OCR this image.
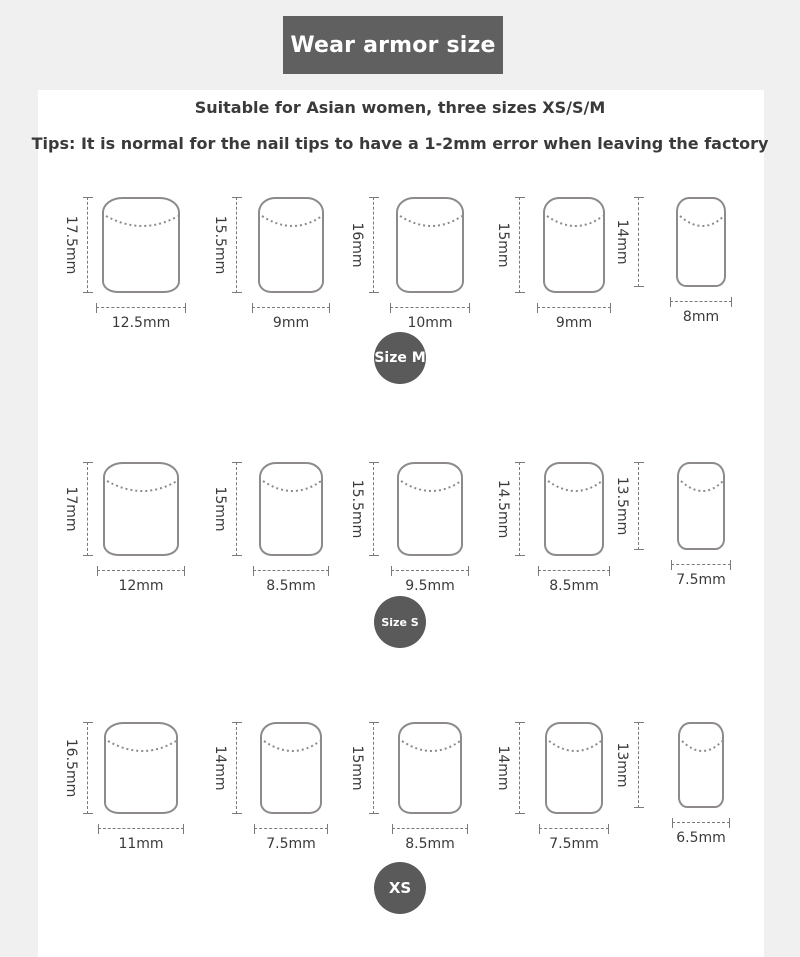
Wear armor size
Suitable for Asian women, three sizes XS/S/M
Tips: It is normal for the nail tips to have a 1-2mm error when leaving the factory
17.5mm
12.5mm
15.5mm
9mm
16mm
10mm
15mm
9mm
14mm
8mm
Size M
17mm
12mm
15mm
8.5mm
15.5mm
9.5mm
14.5mm
8.5mm
13.5mm
7.5mm
Size S
16.5mm
11mm
14mm
7.5mm
15mm
8.5mm
14mm
7.5mm
13mm
6.5mm
XS
